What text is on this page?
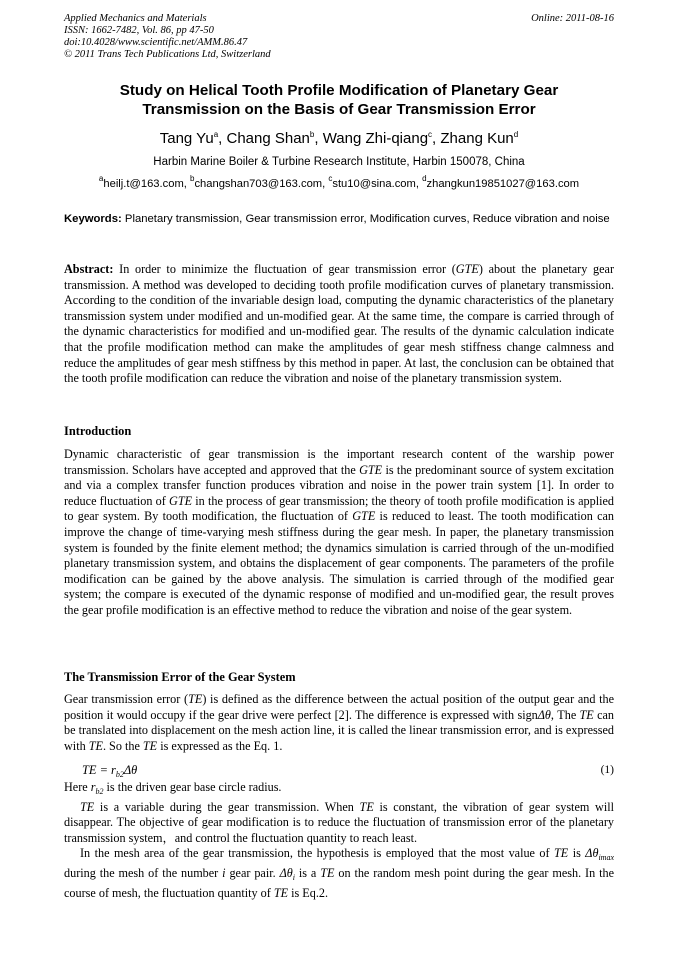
Applied Mechanics and Materials
ISSN: 1662-7482, Vol. 86, pp 47-50
doi:10.4028/www.scientific.net/AMM.86.47
© 2011 Trans Tech Publications Ltd, Switzerland
Online: 2011-08-16
Study on Helical Tooth Profile Modification of Planetary Gear
Transmission on the Basis of Gear Transmission Error
Tang Yu$^a$, Chang Shan$^b$, Wang Zhi-qiang$^c$, Zhang Kun$^d$
Harbin Marine Boiler & Turbine Research Institute, Harbin 150078, China
$^a$heilj.t@163.com, $^b$changshan703@163.com, $^c$stu10@sina.com, $^d$zhangkun19851027@163.com
Keywords: Planetary transmission, Gear transmission error, Modification curves, Reduce vibration and noise
Abstract: In order to minimize the fluctuation of gear transmission error (GTE) about the planetary gear transmission. A method was developed to deciding tooth profile modification curves of planetary transmission. According to the condition of the invariable design load, computing the dynamic characteristics of the planetary transmission system under modified and un-modified gear. At the same time, the compare is carried through of the dynamic characteristics for modified and un-modified gear. The results of the dynamic calculation indicate that the profile modification method can make the amplitudes of gear mesh stiffness change calmness and reduce the amplitudes of gear mesh stiffness by this method in paper. At last, the conclusion can be obtained that the tooth profile modification can reduce the vibration and noise of the planetary transmission system.
Introduction
Dynamic characteristic of gear transmission is the important research content of the warship power transmission. Scholars have accepted and approved that the GTE is the predominant source of system excitation and via a complex transfer function produces vibration and noise in the power train system [1]. In order to reduce fluctuation of GTE in the process of gear transmission; the theory of tooth profile modification is applied to gear system. By tooth modification, the fluctuation of GTE is reduced to least. The tooth modification can improve the change of time-varying mesh stiffness during the gear mesh. In paper, the planetary transmission system is founded by the finite element method; the dynamics simulation is carried through of the un-modified planetary transmission system, and obtains the displacement of gear components. The parameters of the profile modification can be gained by the above analysis. The simulation is carried through of the modified gear system; the compare is executed of the dynamic response of modified and un-modified gear, the result proves the gear profile modification is an effective method to reduce the vibration and noise of the gear system.
The Transmission Error of the Gear System
Gear transmission error (TE) is defined as the difference between the actual position of the output gear and the position it would occupy if the gear drive were perfect [2]. The difference is expressed with signΔθ, The TE can be translated into displacement on the mesh action line, it is called the linear transmission error, and is expressed with TE. So the TE is expressed as the Eq. 1.
TE = $r_{b2}\Delta\theta$	(1)
Here $r_{b2}$ is the driven gear base circle radius.
TE is a variable during the gear transmission. When TE is constant, the vibration of gear system will disappear. The objective of gear modification is to reduce the fluctuation of transmission error of the planetary transmission system，and control the fluctuation quantity to reach least.
In the mesh area of the gear transmission, the hypothesis is employed that the most value of TE is $\Delta\theta_{imax}$ during the mesh of the number i gear pair. $\Delta\theta_i$ is a TE on the random mesh point during the gear mesh. In the course of mesh, the fluctuation quantity of TE is Eq.2.
